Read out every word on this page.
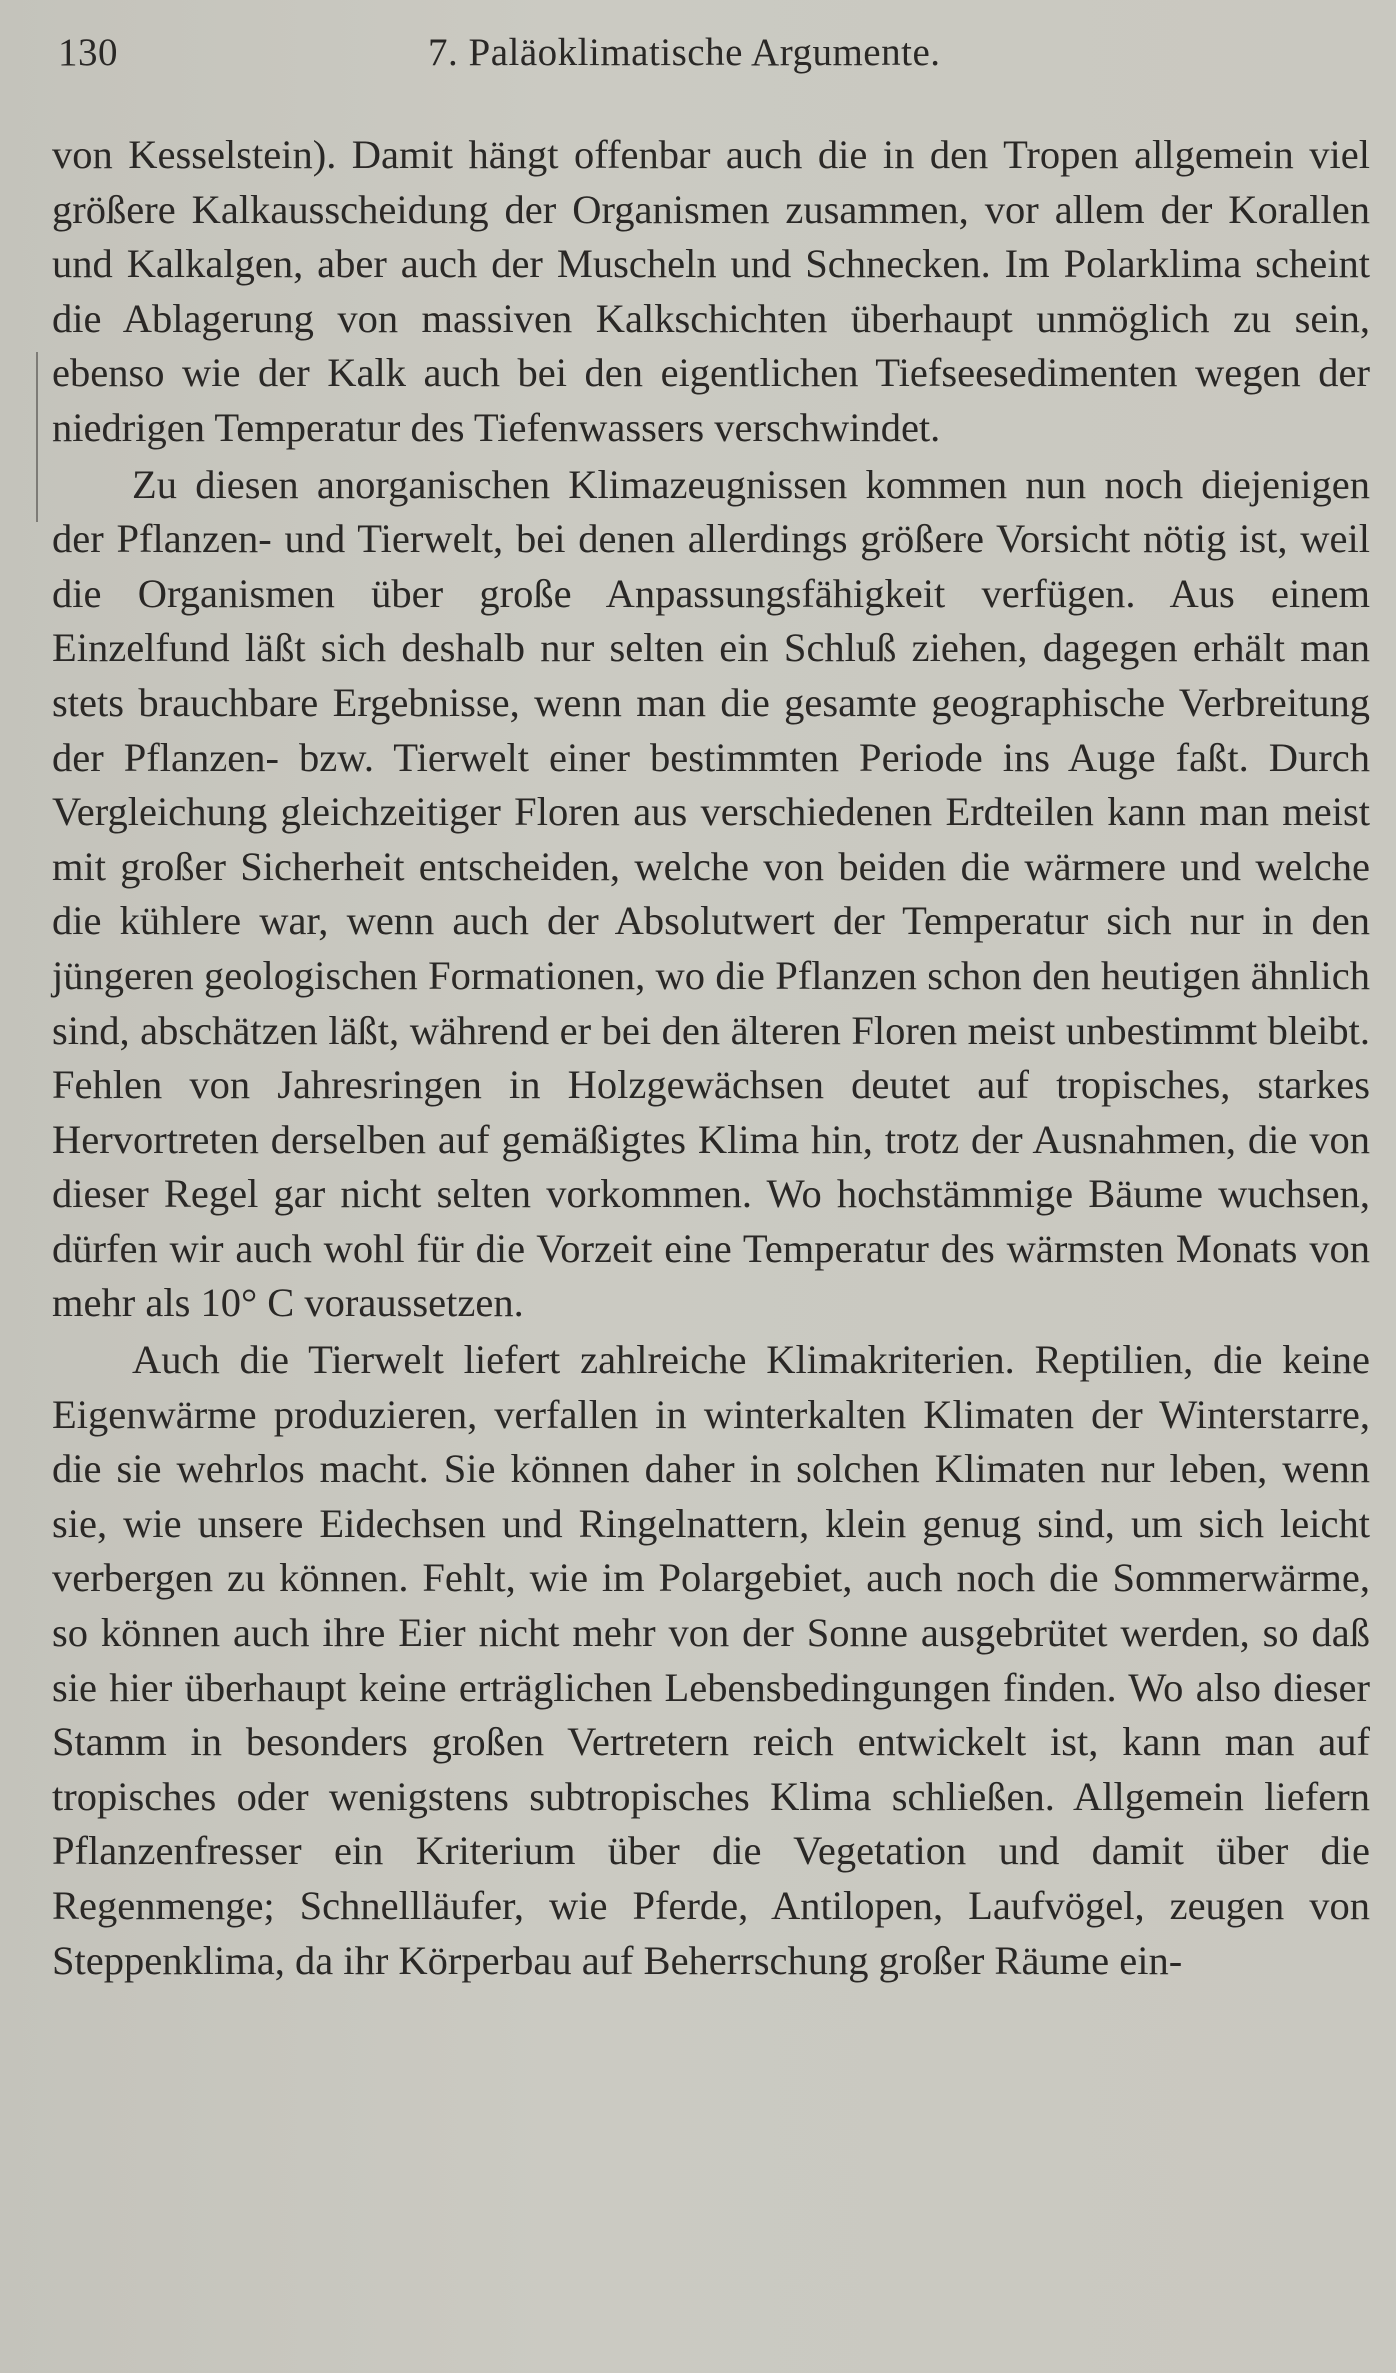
130	7. Paläoklimatische Argumente.

von Kesselstein). Damit hängt offenbar auch die in den Tropen allgemein viel größere Kalkausscheidung der Organismen zusammen, vor allem der Korallen und Kalkalgen, aber auch der Muscheln und Schnecken. Im Polarklima scheint die Ablagerung von massiven Kalkschichten überhaupt unmöglich zu sein, ebenso wie der Kalk auch bei den eigentlichen Tiefseesedimenten wegen der niedrigen Temperatur des Tiefenwassers verschwindet.

Zu diesen anorganischen Klimazeugnissen kommen nun noch diejenigen der Pflanzen- und Tierwelt, bei denen allerdings größere Vorsicht nötig ist, weil die Organismen über große Anpassungsfähigkeit verfügen. Aus einem Einzelfund läßt sich deshalb nur selten ein Schluß ziehen, dagegen erhält man stets brauchbare Ergebnisse, wenn man die gesamte geographische Verbreitung der Pflanzen- bzw. Tierwelt einer bestimmten Periode ins Auge faßt. Durch Vergleichung gleichzeitiger Floren aus verschiedenen Erdteilen kann man meist mit großer Sicherheit entscheiden, welche von beiden die wärmere und welche die kühlere war, wenn auch der Absolutwert der Temperatur sich nur in den jüngeren geologischen Formationen, wo die Pflanzen schon den heutigen ähnlich sind, abschätzen läßt, während er bei den älteren Floren meist unbestimmt bleibt. Fehlen von Jahresringen in Holzgewächsen deutet auf tropisches, starkes Hervortreten derselben auf gemäßigtes Klima hin, trotz der Ausnahmen, die von dieser Regel gar nicht selten vorkommen. Wo hochstämmige Bäume wuchsen, dürfen wir auch wohl für die Vorzeit eine Temperatur des wärmsten Monats von mehr als 10° C voraussetzen.

Auch die Tierwelt liefert zahlreiche Klimakriterien. Reptilien, die keine Eigenwärme produzieren, verfallen in winterkalten Klimaten der Winterstarre, die sie wehrlos macht. Sie können daher in solchen Klimaten nur leben, wenn sie, wie unsere Eidechsen und Ringelnattern, klein genug sind, um sich leicht verbergen zu können. Fehlt, wie im Polargebiet, auch noch die Sommerwärme, so können auch ihre Eier nicht mehr von der Sonne ausgebrütet werden, so daß sie hier überhaupt keine erträglichen Lebensbedingungen finden. Wo also dieser Stamm in besonders großen Vertretern reich entwickelt ist, kann man auf tropisches oder wenigstens subtropisches Klima schließen. Allgemein liefern Pflanzenfresser ein Kriterium über die Vegetation und damit über die Regenmenge; Schnellläufer, wie Pferde, Antilopen, Laufvögel, zeugen von Steppenklima, da ihr Körperbau auf Beherrschung großer Räume ein-
